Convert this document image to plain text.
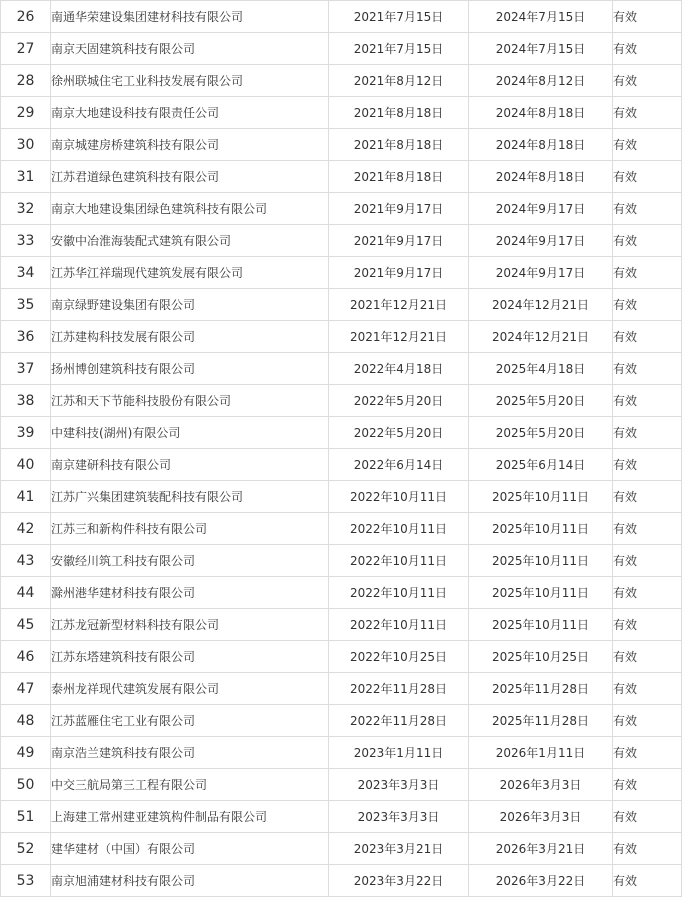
26	南通华荣建设集团建材科技有限公司	2021年7月15日	2024年7月15日	有效
27	南京天固建筑科技有限公司	2021年7月15日	2024年7月15日	有效
28	徐州联城住宅工业科技发展有限公司	2021年8月12日	2024年8月12日	有效
29	南京大地建设科技有限责任公司	2021年8月18日	2024年8月18日	有效
30	南京城建房桥建筑科技有限公司	2021年8月18日	2024年8月18日	有效
31	江苏君道绿色建筑科技有限公司	2021年8月18日	2024年8月18日	有效
32	南京大地建设集团绿色建筑科技有限公司	2021年9月17日	2024年9月17日	有效
33	安徽中冶淮海装配式建筑有限公司	2021年9月17日	2024年9月17日	有效
34	江苏华江祥瑞现代建筑发展有限公司	2021年9月17日	2024年9月17日	有效
35	南京绿野建设集团有限公司	2021年12月21日	2024年12月21日	有效
36	江苏建构科技发展有限公司	2021年12月21日	2024年12月21日	有效
37	扬州博创建筑科技有限公司	2022年4月18日	2025年4月18日	有效
38	江苏和天下节能科技股份有限公司	2022年5月20日	2025年5月20日	有效
39	中建科技(湖州)有限公司	2022年5月20日	2025年5月20日	有效
40	南京建研科技有限公司	2022年6月14日	2025年6月14日	有效
41	江苏广兴集团建筑装配科技有限公司	2022年10月11日	2025年10月11日	有效
42	江苏三和新构件科技有限公司	2022年10月11日	2025年10月11日	有效
43	安徽经川筑工科技有限公司	2022年10月11日	2025年10月11日	有效
44	滁州港华建材科技有限公司	2022年10月11日	2025年10月11日	有效
45	江苏龙冠新型材料科技有限公司	2022年10月11日	2025年10月11日	有效
46	江苏东塔建筑科技有限公司	2022年10月25日	2025年10月25日	有效
47	泰州龙祥现代建筑发展有限公司	2022年11月28日	2025年11月28日	有效
48	江苏蓝雁住宅工业有限公司	2022年11月28日	2025年11月28日	有效
49	南京浩兰建筑科技有限公司	2023年1月11日	2026年1月11日	有效
50	中交三航局第三工程有限公司	2023年3月3日	2026年3月3日	有效
51	上海建工常州建亚建筑构件制品有限公司	2023年3月3日	2026年3月3日	有效
52	建华建材（中国）有限公司	2023年3月21日	2026年3月21日	有效
53	南京旭浦建材科技有限公司	2023年3月22日	2026年3月22日	有效
